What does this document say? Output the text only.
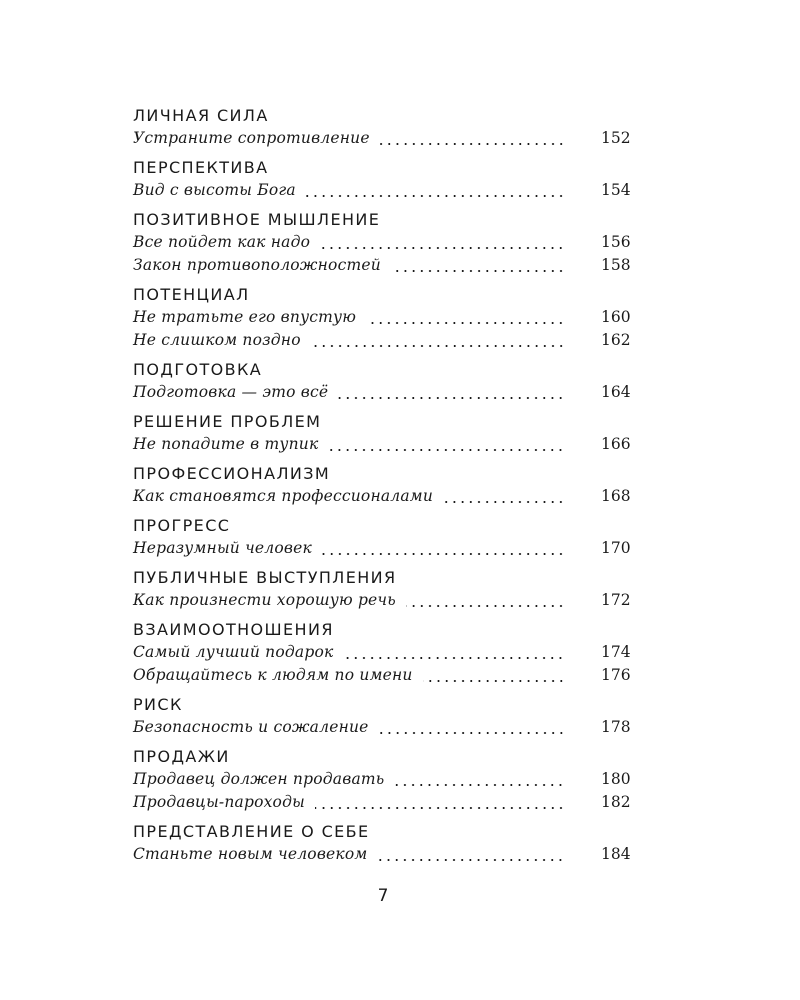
ЛИЧНАЯ СИЛА
Устраните сопротивление	152
ПЕРСПЕКТИВА
Вид с высоты Бога	154
ПОЗИТИВНОЕ МЫШЛЕНИЕ
Все пойдет как надо	156
Закон противоположностей	158
ПОТЕНЦИАЛ
Не тратьте его впустую	160
Не слишком поздно	162
ПОДГОТОВКА
Подготовка — это всё	164
РЕШЕНИЕ ПРОБЛЕМ
Не попадите в тупик	166
ПРОФЕССИОНАЛИЗМ
Как становятся профессионалами	168
ПРОГРЕСС
Неразумный человек	170
ПУБЛИЧНЫЕ ВЫСТУПЛЕНИЯ
Как произнести хорошую речь	172
ВЗАИМООТНОШЕНИЯ
Самый лучший подарок	174
Обращайтесь к людям по имени	176
РИСК
Безопасность и сожаление	178
ПРОДАЖИ
Продавец должен продавать	180
Продавцы-пароходы	182
ПРЕДСТАВЛЕНИЕ О СЕБЕ
Станьте новым человеком	184
7
